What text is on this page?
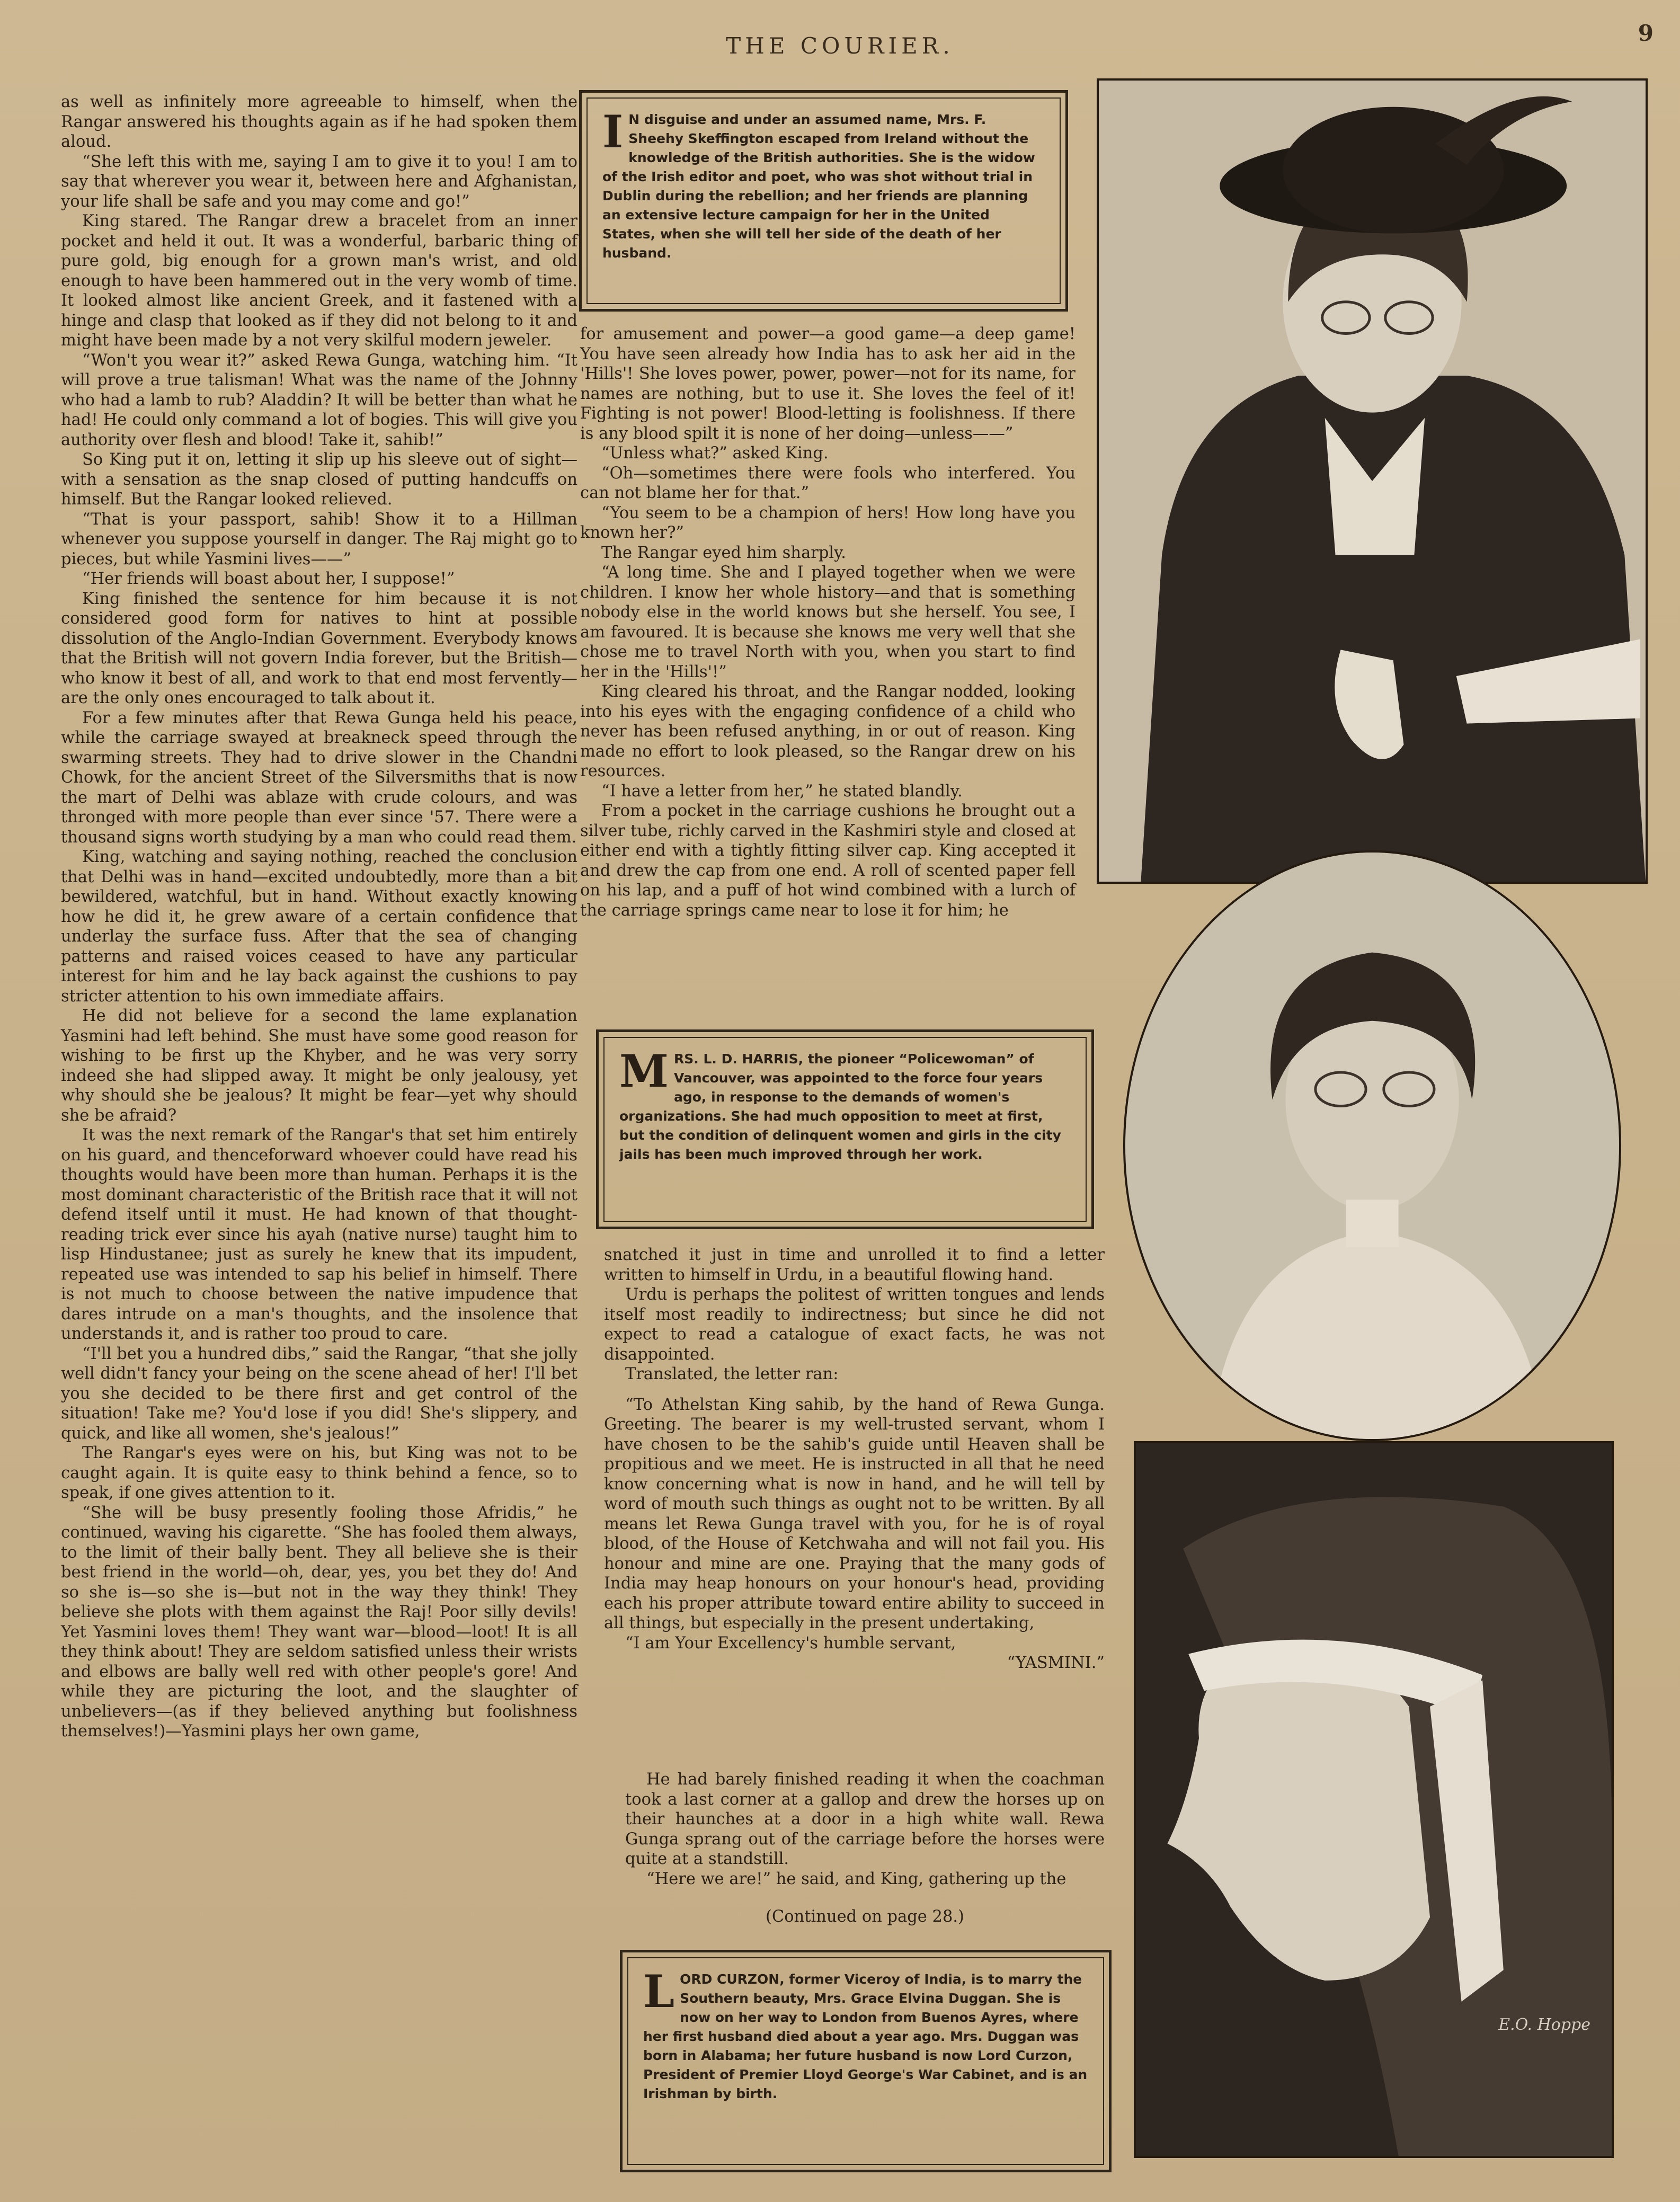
THE COURIER.	9

as well as infinitely more agreeable to himself, when the Rangar answered his thoughts again as if he had spoken them aloud.

“She left this with me, saying I am to give it to you! I am to say that wherever you wear it, between here and Afghanistan, your life shall be safe and you may come and go!”

King stared. The Rangar drew a bracelet from an inner pocket and held it out. It was a wonderful, barbaric thing of pure gold, big enough for a grown man's wrist, and old enough to have been hammered out in the very womb of time. It looked almost like ancient Greek, and it fastened with a hinge and clasp that looked as if they did not belong to it and might have been made by a not very skilful modern jeweler.

“Won't you wear it?” asked Rewa Gunga, watching him. “It will prove a true talisman! What was the name of the Johnny who had a lamb to rub? Aladdin? It will be better than what he had! He could only command a lot of bogies. This will give you authority over flesh and blood! Take it, sahib!”

So King put it on, letting it slip up his sleeve out of sight—with a sensation as the snap closed of putting handcuffs on himself. But the Rangar looked relieved.

“That is your passport, sahib! Show it to a Hillman whenever you suppose yourself in danger. The Raj might go to pieces, but while Yasmini lives——”

“Her friends will boast about her, I suppose!”

King finished the sentence for him because it is not considered good form for natives to hint at possible dissolution of the Anglo-Indian Government. Everybody knows that the British will not govern India forever, but the British—who know it best of all, and work to that end most fervently—are the only ones encouraged to talk about it.

For a few minutes after that Rewa Gunga held his peace, while the carriage swayed at breakneck speed through the swarming streets. They had to drive slower in the Chandni Chowk, for the ancient Street of the Silversmiths that is now the mart of Delhi was ablaze with crude colours, and was thronged with more people than ever since '57. There were a thousand signs worth studying by a man who could read them.

King, watching and saying nothing, reached the conclusion that Delhi was in hand—excited undoubtedly, more than a bit bewildered, watchful, but in hand. Without exactly knowing how he did it, he grew aware of a certain confidence that underlay the surface fuss. After that the sea of changing patterns and raised voices ceased to have any particular interest for him and he lay back against the cushions to pay stricter attention to his own immediate affairs.

He did not believe for a second the lame explanation Yasmini had left behind. She must have some good reason for wishing to be first up the Khyber, and he was very sorry indeed she had slipped away. It might be only jealousy, yet why should she be jealous? It might be fear—yet why should she be afraid?

It was the next remark of the Rangar's that set him entirely on his guard, and thenceforward whoever could have read his thoughts would have been more than human. Perhaps it is the most dominant characteristic of the British race that it will not defend itself until it must. He had known of that thought-reading trick ever since his ayah (native nurse) taught him to lisp Hindustanee; just as surely he knew that its impudent, repeated use was intended to sap his belief in himself. There is not much to choose between the native impudence that dares intrude on a man's thoughts, and the insolence that understands it, and is rather too proud to care.

“I'll bet you a hundred dibs,” said the Rangar, “that she jolly well didn't fancy your being on the scene ahead of her! I'll bet you she decided to be there first and get control of the situation! Take me? You'd lose if you did! She's slippery, and quick, and like all women, she's jealous!”

The Rangar's eyes were on his, but King was not to be caught again. It is quite easy to think behind a fence, so to speak, if one gives attention to it.

“She will be busy presently fooling those Afridis,” he continued, waving his cigarette. “She has fooled them always, to the limit of their bally bent. They all believe she is their best friend in the world—oh, dear, yes, you bet they do! And so she is—so she is—but not in the way they think! They believe she plots with them against the Raj! Poor silly devils! Yet Yasmini loves them! They want war—blood—loot! It is all they think about! They are seldom satisfied unless their wrists and elbows are bally well red with other people's gore! And while they are picturing the loot, and the slaughter of unbelievers—(as if they believed anything but foolishness themselves!)—Yasmini plays her own game,

I N disguise and under an assumed name, Mrs. F. Sheehy Skeffington escaped from Ireland without the knowledge of the British authorities. She is the widow of the Irish editor and poet, who was shot without trial in Dublin during the rebellion; and her friends are planning an extensive lecture campaign for her in the United States, when she will tell her side of the death of her husband.

for amusement and power—a good game—a deep game! You have seen already how India has to ask her aid in the 'Hills'! She loves power, power, power—not for its name, for names are nothing, but to use it. She loves the feel of it! Fighting is not power! Blood-letting is foolishness. If there is any blood spilt it is none of her doing—unless——”

“Unless what?” asked King.

“Oh—sometimes there were fools who interfered. You can not blame her for that.”

“You seem to be a champion of hers! How long have you known her?”

The Rangar eyed him sharply.

“A long time. She and I played together when we were children. I know her whole history—and that is something nobody else in the world knows but she herself. You see, I am favoured. It is because she knows me very well that she chose me to travel North with you, when you start to find her in the 'Hills'!”

King cleared his throat, and the Rangar nodded, looking into his eyes with the engaging confidence of a child who never has been refused anything, in or out of reason. King made no effort to look pleased, so the Rangar drew on his resources.

“I have a letter from her,” he stated blandly.

From a pocket in the carriage cushions he brought out a silver tube, richly carved in the Kashmiri style and closed at either end with a tightly fitting silver cap. King accepted it and drew the cap from one end. A roll of scented paper fell on his lap, and a puff of hot wind combined with a lurch of the carriage springs came near to lose it for him; he

MRS. L. D. HARRIS, the pioneer “Policewoman” of Vancouver, was appointed to the force four years ago, in response to the demands of women's organizations. She had much opposition to meet at first, but the condition of delinquent women and girls in the city jails has been much improved through her work.

snatched it just in time and unrolled it to find a letter written to himself in Urdu, in a beautiful flowing hand.

Urdu is perhaps the politest of written tongues and lends itself most readily to indirectness; but since he did not expect to read a catalogue of exact facts, he was not disappointed.

Translated, the letter ran:

“To Athelstan King sahib, by the hand of Rewa Gunga. Greeting. The bearer is my well-trusted servant, whom I have chosen to be the sahib's guide until Heaven shall be propitious and we meet. He is instructed in all that he need know concerning what is now in hand, and he will tell by word of mouth such things as ought not to be written. By all means let Rewa Gunga travel with you, for he is of royal blood, of the House of Ketchwaha and will not fail you. His honour and mine are one. Praying that the many gods of India may heap honours on your honour's head, providing each his proper attribute toward entire ability to succeed in all things, but especially in the present undertaking,

“I am Your Excellency's humble servant,

“YASMINI.”

He had barely finished reading it when the coachman took a last corner at a gallop and drew the horses up on their haunches at a door in a high white wall. Rewa Gunga sprang out of the carriage before the horses were quite at a standstill.

“Here we are!” he said, and King, gathering up the

(Continued on page 28.)
LORD CURZON, former Viceroy of India, is to marry the Southern beauty, Mrs. Grace Elvina Duggan. She is now on her way to London from Buenos Ayres, where her first husband died about a year ago. Mrs. Duggan was born in Alabama; her future husband is now Lord Curzon, President of Premier Lloyd George's War Cabinet, and is an Irishman by birth.
E.O. Hoppe
